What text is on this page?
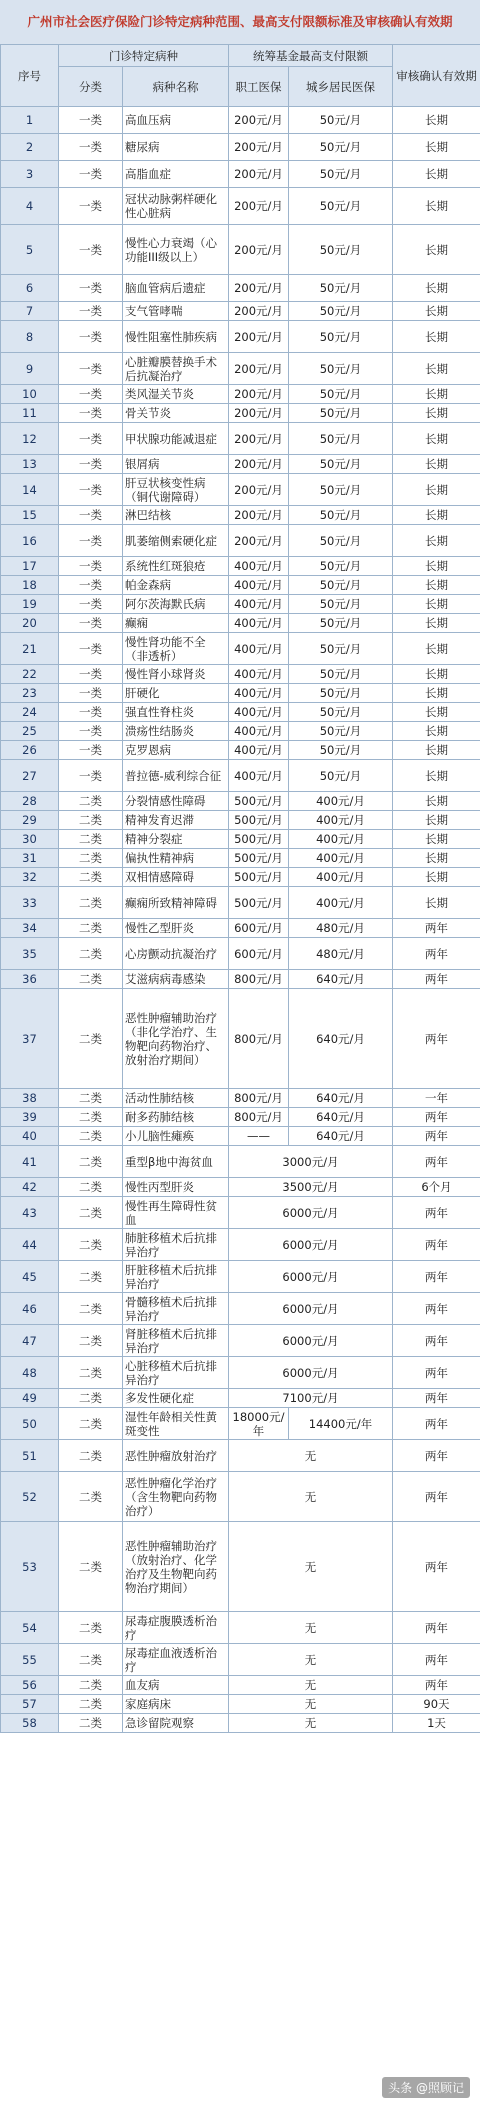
广州市社会医疗保险门诊特定病种范围、最高支付限额标准及审核确认有效期
序号	门诊特定病种		统筹基金最高支付限额		审核确认有效期
	分类	病种名称	职工医保	城乡居民医保	
1	一类	高血压病	200元/月	50元/月	长期
2	一类	糖尿病	200元/月	50元/月	长期
3	一类	高脂血症	200元/月	50元/月	长期
4	一类	冠状动脉粥样硬化性心脏病	200元/月	50元/月	长期
5	一类	慢性心力衰竭（心功能III级以上）	200元/月	50元/月	长期
6	一类	脑血管病后遗症	200元/月	50元/月	长期
7	一类	支气管哮喘	200元/月	50元/月	长期
8	一类	慢性阻塞性肺疾病	200元/月	50元/月	长期
9	一类	心脏瓣膜替换手术后抗凝治疗	200元/月	50元/月	长期
10	一类	类风湿关节炎	200元/月	50元/月	长期
11	一类	骨关节炎	200元/月	50元/月	长期
12	一类	甲状腺功能减退症	200元/月	50元/月	长期
13	一类	银屑病	200元/月	50元/月	长期
14	一类	肝豆状核变性病（铜代谢障碍）	200元/月	50元/月	长期
15	一类	淋巴结核	200元/月	50元/月	长期
16	一类	肌萎缩侧索硬化症	200元/月	50元/月	长期
17	一类	系统性红斑狼疮	400元/月	50元/月	长期
18	一类	帕金森病	400元/月	50元/月	长期
19	一类	阿尔茨海默氏病	400元/月	50元/月	长期
20	一类	癫痫	400元/月	50元/月	长期
21	一类	慢性肾功能不全（非透析）	400元/月	50元/月	长期
22	一类	慢性肾小球肾炎	400元/月	50元/月	长期
23	一类	肝硬化	400元/月	50元/月	长期
24	一类	强直性脊柱炎	400元/月	50元/月	长期
25	一类	溃疡性结肠炎	400元/月	50元/月	长期
26	一类	克罗恩病	400元/月	50元/月	长期
27	一类	普拉德-威利综合征	400元/月	50元/月	长期
28	二类	分裂情感性障碍	500元/月	400元/月	长期
29	二类	精神发育迟滞	500元/月	400元/月	长期
30	二类	精神分裂症	500元/月	400元/月	长期
31	二类	偏执性精神病	500元/月	400元/月	长期
32	二类	双相情感障碍	500元/月	400元/月	长期
33	二类	癫痫所致精神障碍	500元/月	400元/月	长期
34	二类	慢性乙型肝炎	600元/月	480元/月	两年
35	二类	心房颤动抗凝治疗	600元/月	480元/月	两年
36	二类	艾滋病病毒感染	800元/月	640元/月	两年
37	二类	恶性肿瘤辅助治疗（非化学治疗、生物靶向药物治疗、放射治疗期间）	800元/月	640元/月	两年
38	二类	活动性肺结核	800元/月	640元/月	一年
39	二类	耐多药肺结核	800元/月	640元/月	两年
40	二类	小儿脑性瘫痪	——	640元/月	两年
41	二类	重型β地中海贫血	3000元/月		两年
42	二类	慢性丙型肝炎	3500元/月		6个月
43	二类	慢性再生障碍性贫血	6000元/月		两年
44	二类	肺脏移植术后抗排异治疗	6000元/月		两年
45	二类	肝脏移植术后抗排异治疗	6000元/月		两年
46	二类	骨髓移植术后抗排异治疗	6000元/月		两年
47	二类	肾脏移植术后抗排异治疗	6000元/月		两年
48	二类	心脏移植术后抗排异治疗	6000元/月		两年
49	二类	多发性硬化症	7100元/月		两年
50	二类	湿性年龄相关性黄斑变性	18000元/年	14400元/年	两年
51	二类	恶性肿瘤放射治疗	无		两年
52	二类	恶性肿瘤化学治疗（含生物靶向药物治疗）	无		两年
53	二类	恶性肿瘤辅助治疗（放射治疗、化学治疗及生物靶向药物治疗期间）	无		两年
54	二类	尿毒症腹膜透析治疗	无		两年
55	二类	尿毒症血液透析治疗	无		两年
56	二类	血友病	无		两年
57	二类	家庭病床	无		90天
58	二类	急诊留院观察	无		1天
头条 @照顾记
